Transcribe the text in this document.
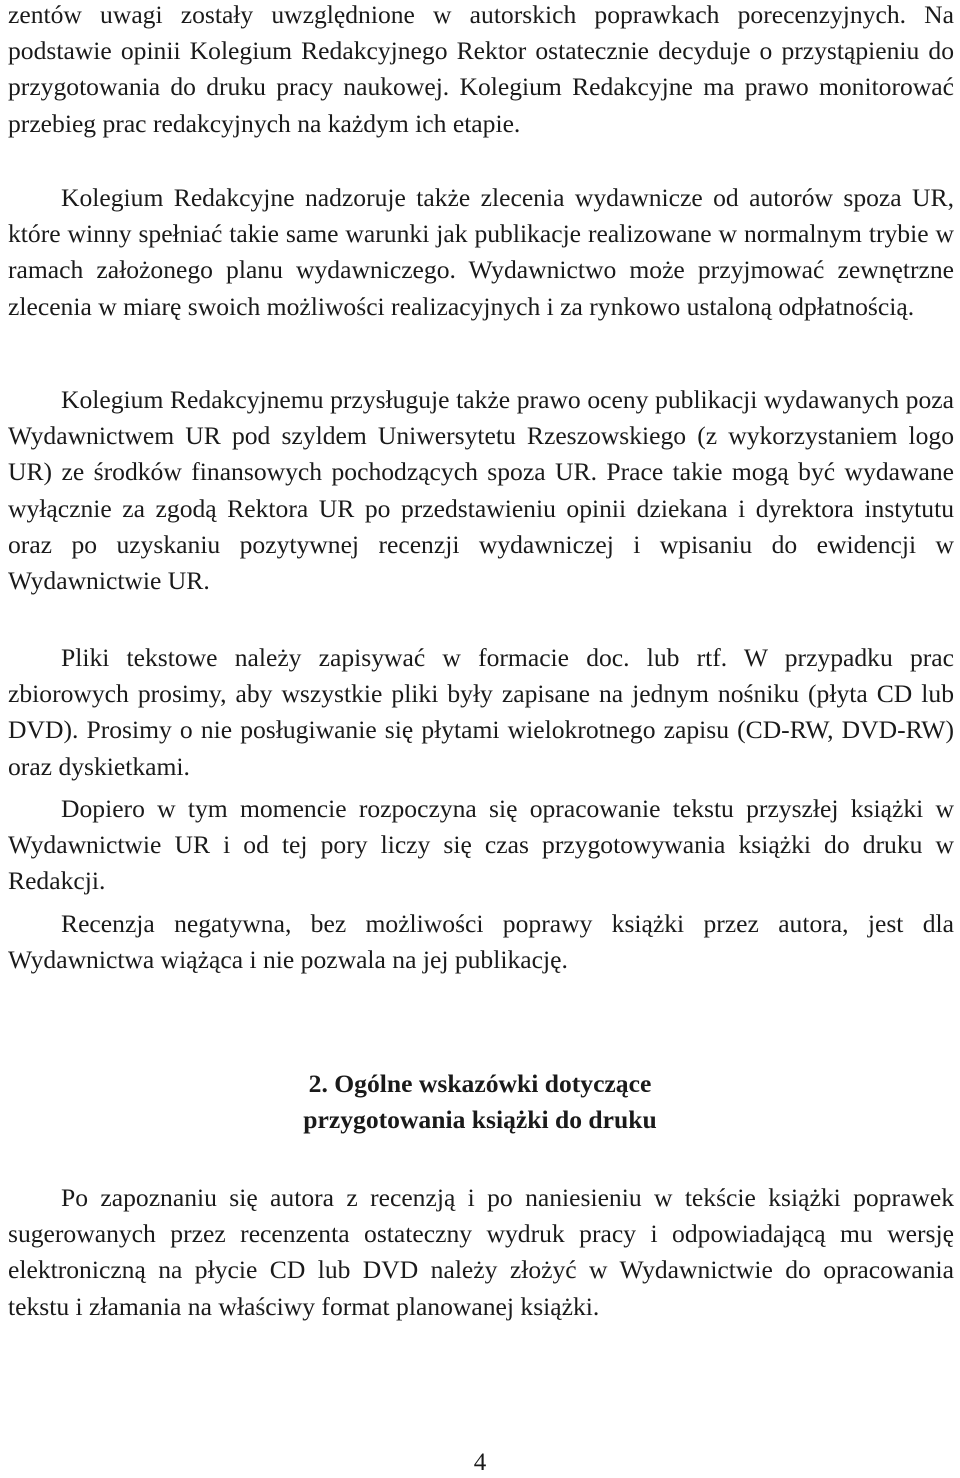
zentów uwagi zostały uwzględnione w autorskich poprawkach porecenzyjnych. Na podstawie opinii Kolegium Redakcyjnego Rektor ostatecznie decyduje o przystąpieniu do przygotowania do druku pracy naukowej. Kolegium Redakcyjne ma prawo monitorować przebieg prac redakcyjnych na każdym ich etapie.

Kolegium Redakcyjne nadzoruje także zlecenia wydawnicze od autorów spoza UR, które winny spełniać takie same warunki jak publikacje realizowane w normalnym trybie w ramach założonego planu wydawniczego. Wydawnictwo może przyjmować zewnętrzne zlecenia w miarę swoich możliwości realizacyjnych i za rynkowo ustaloną odpłatnością.

Kolegium Redakcyjnemu przysługuje także prawo oceny publikacji wydawanych poza Wydawnictwem UR pod szyldem Uniwersytetu Rzeszowskiego (z wykorzystaniem logo UR) ze środków finansowych pochodzących spoza UR. Prace takie mogą być wydawane wyłącznie za zgodą Rektora UR po przedstawieniu opinii dziekana i dyrektora instytutu oraz po uzyskaniu pozytywnej recenzji wydawniczej i wpisaniu do ewidencji w Wydawnictwie UR.

Pliki tekstowe należy zapisywać w formacie doc. lub rtf. W przypadku prac zbiorowych prosimy, aby wszystkie pliki były zapisane na jednym nośniku (płyta CD lub DVD). Prosimy o nie posługiwanie się płytami wielokrotnego zapisu (CD-RW, DVD-RW) oraz dyskietkami.

Dopiero w tym momencie rozpoczyna się opracowanie tekstu przyszłej książki w Wydawnictwie UR i od tej pory liczy się czas przygotowywania książki do druku w Redakcji.

Recenzja negatywna, bez możliwości poprawy książki przez autora, jest dla Wydawnictwa wiążąca i nie pozwala na jej publikację.

2. Ogólne wskazówki dotyczące
przygotowania książki do druku

Po zapoznaniu się autora z recenzją i po naniesieniu w tekście książki poprawek sugerowanych przez recenzenta ostateczny wydruk pracy i odpowiadającą mu wersję elektroniczną na płycie CD lub DVD należy złożyć w Wydawnictwie do opracowania tekstu i złamania na właściwy format planowanej książki.

4
